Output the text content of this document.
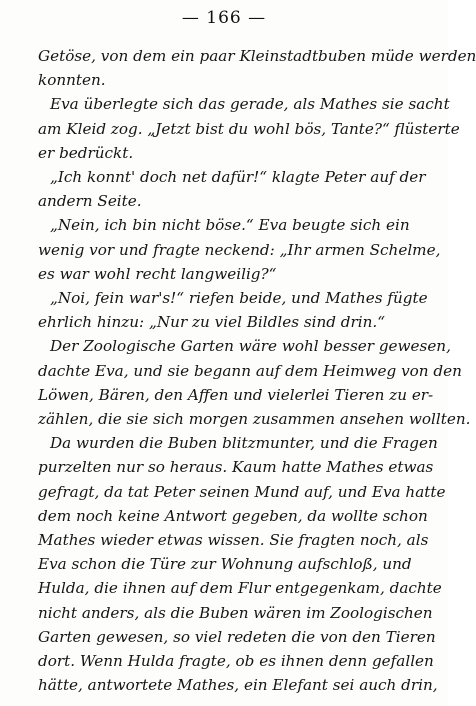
— 166 —
Getöse, von dem ein paar Kleinstadtbuben müde werden
konnten.
Eva überlegte sich das gerade, als Mathes sie sacht
am Kleid zog. „Jetzt bist du wohl bös, Tante?“ flüsterte
er bedrückt.
„Ich konnt' doch net dafür!“ klagte Peter auf der
andern Seite.
„Nein, ich bin nicht böse.“ Eva beugte sich ein
wenig vor und fragte neckend: „Ihr armen Schelme,
es war wohl recht langweilig?“
„Noi, fein war's!“ riefen beide, und Mathes fügte
ehrlich hinzu: „Nur zu viel Bildles sind drin.“
Der Zoologische Garten wäre wohl besser gewesen,
dachte Eva, und sie begann auf dem Heimweg von den
Löwen, Bären, den Affen und vielerlei Tieren zu er-
zählen, die sie sich morgen zusammen ansehen wollten.
Da wurden die Buben blitzmunter, und die Fragen
purzelten nur so heraus. Kaum hatte Mathes etwas
gefragt, da tat Peter seinen Mund auf, und Eva hatte
dem noch keine Antwort gegeben, da wollte schon
Mathes wieder etwas wissen. Sie fragten noch, als
Eva schon die Türe zur Wohnung aufschloß, und
Hulda, die ihnen auf dem Flur entgegenkam, dachte
nicht anders, als die Buben wären im Zoologischen
Garten gewesen, so viel redeten die von den Tieren
dort. Wenn Hulda fragte, ob es ihnen denn gefallen
hätte, antwortete Mathes, ein Elefant sei auch drin,
